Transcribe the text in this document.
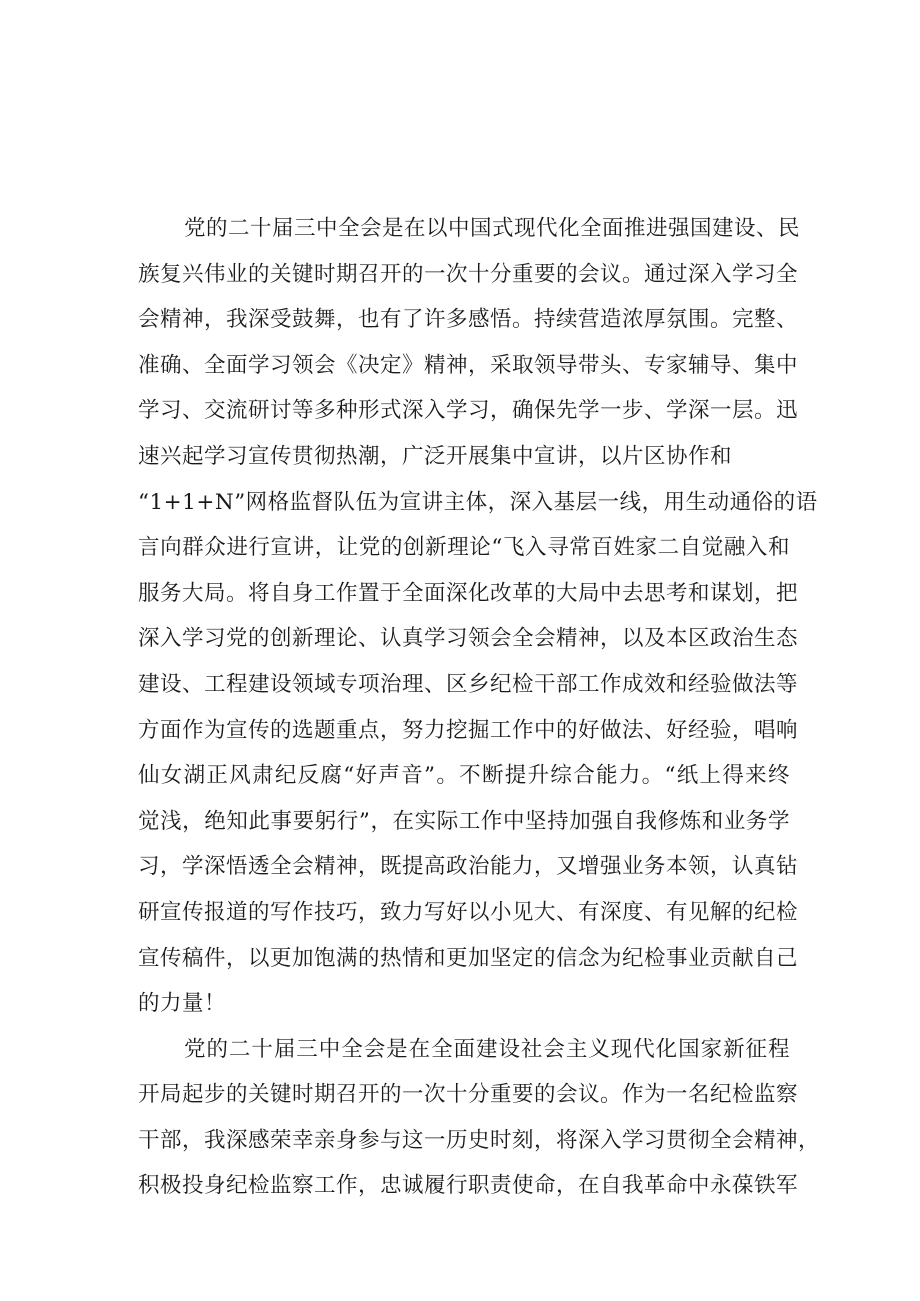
党的二十届三中全会是在以中国式现代化全面推进强国建设、民
族复兴伟业的关键时期召开的一次十分重要的会议。通过深入学习全
会精神，我深受鼓舞，也有了许多感悟。持续营造浓厚氛围。完整、
准确、全面学习领会《决定》精神，采取领导带头、专家辅导、集中
学习、交流研讨等多种形式深入学习，确保先学一步、学深一层。迅
速兴起学习宣传贯彻热潮，广泛开展集中宣讲，以片区协作和
“1+1+N”网格监督队伍为宣讲主体，深入基层一线，用生动通俗的语
言向群众进行宣讲，让党的创新理论“飞入寻常百姓家二自觉融入和
服务大局。将自身工作置于全面深化改革的大局中去思考和谋划，把
深入学习党的创新理论、认真学习领会全会精神，以及本区政治生态
建设、工程建设领域专项治理、区乡纪检干部工作成效和经验做法等
方面作为宣传的选题重点，努力挖掘工作中的好做法、好经验，唱响
仙女湖正风肃纪反腐“好声音”。不断提升综合能力。“纸上得来终
觉浅，绝知此事要躬行”，在实际工作中坚持加强自我修炼和业务学
习，学深悟透全会精神，既提高政治能力，又增强业务本领，认真钻
研宣传报道的写作技巧，致力写好以小见大、有深度、有见解的纪检
宣传稿件，以更加饱满的热情和更加坚定的信念为纪检事业贡献自己
的力量！
党的二十届三中全会是在全面建设社会主义现代化国家新征程
开局起步的关键时期召开的一次十分重要的会议。作为一名纪检监察
干部，我深感荣幸亲身参与这一历史时刻，将深入学习贯彻全会精神，
积极投身纪检监察工作，忠诚履行职责使命，在自我革命中永葆铁军
